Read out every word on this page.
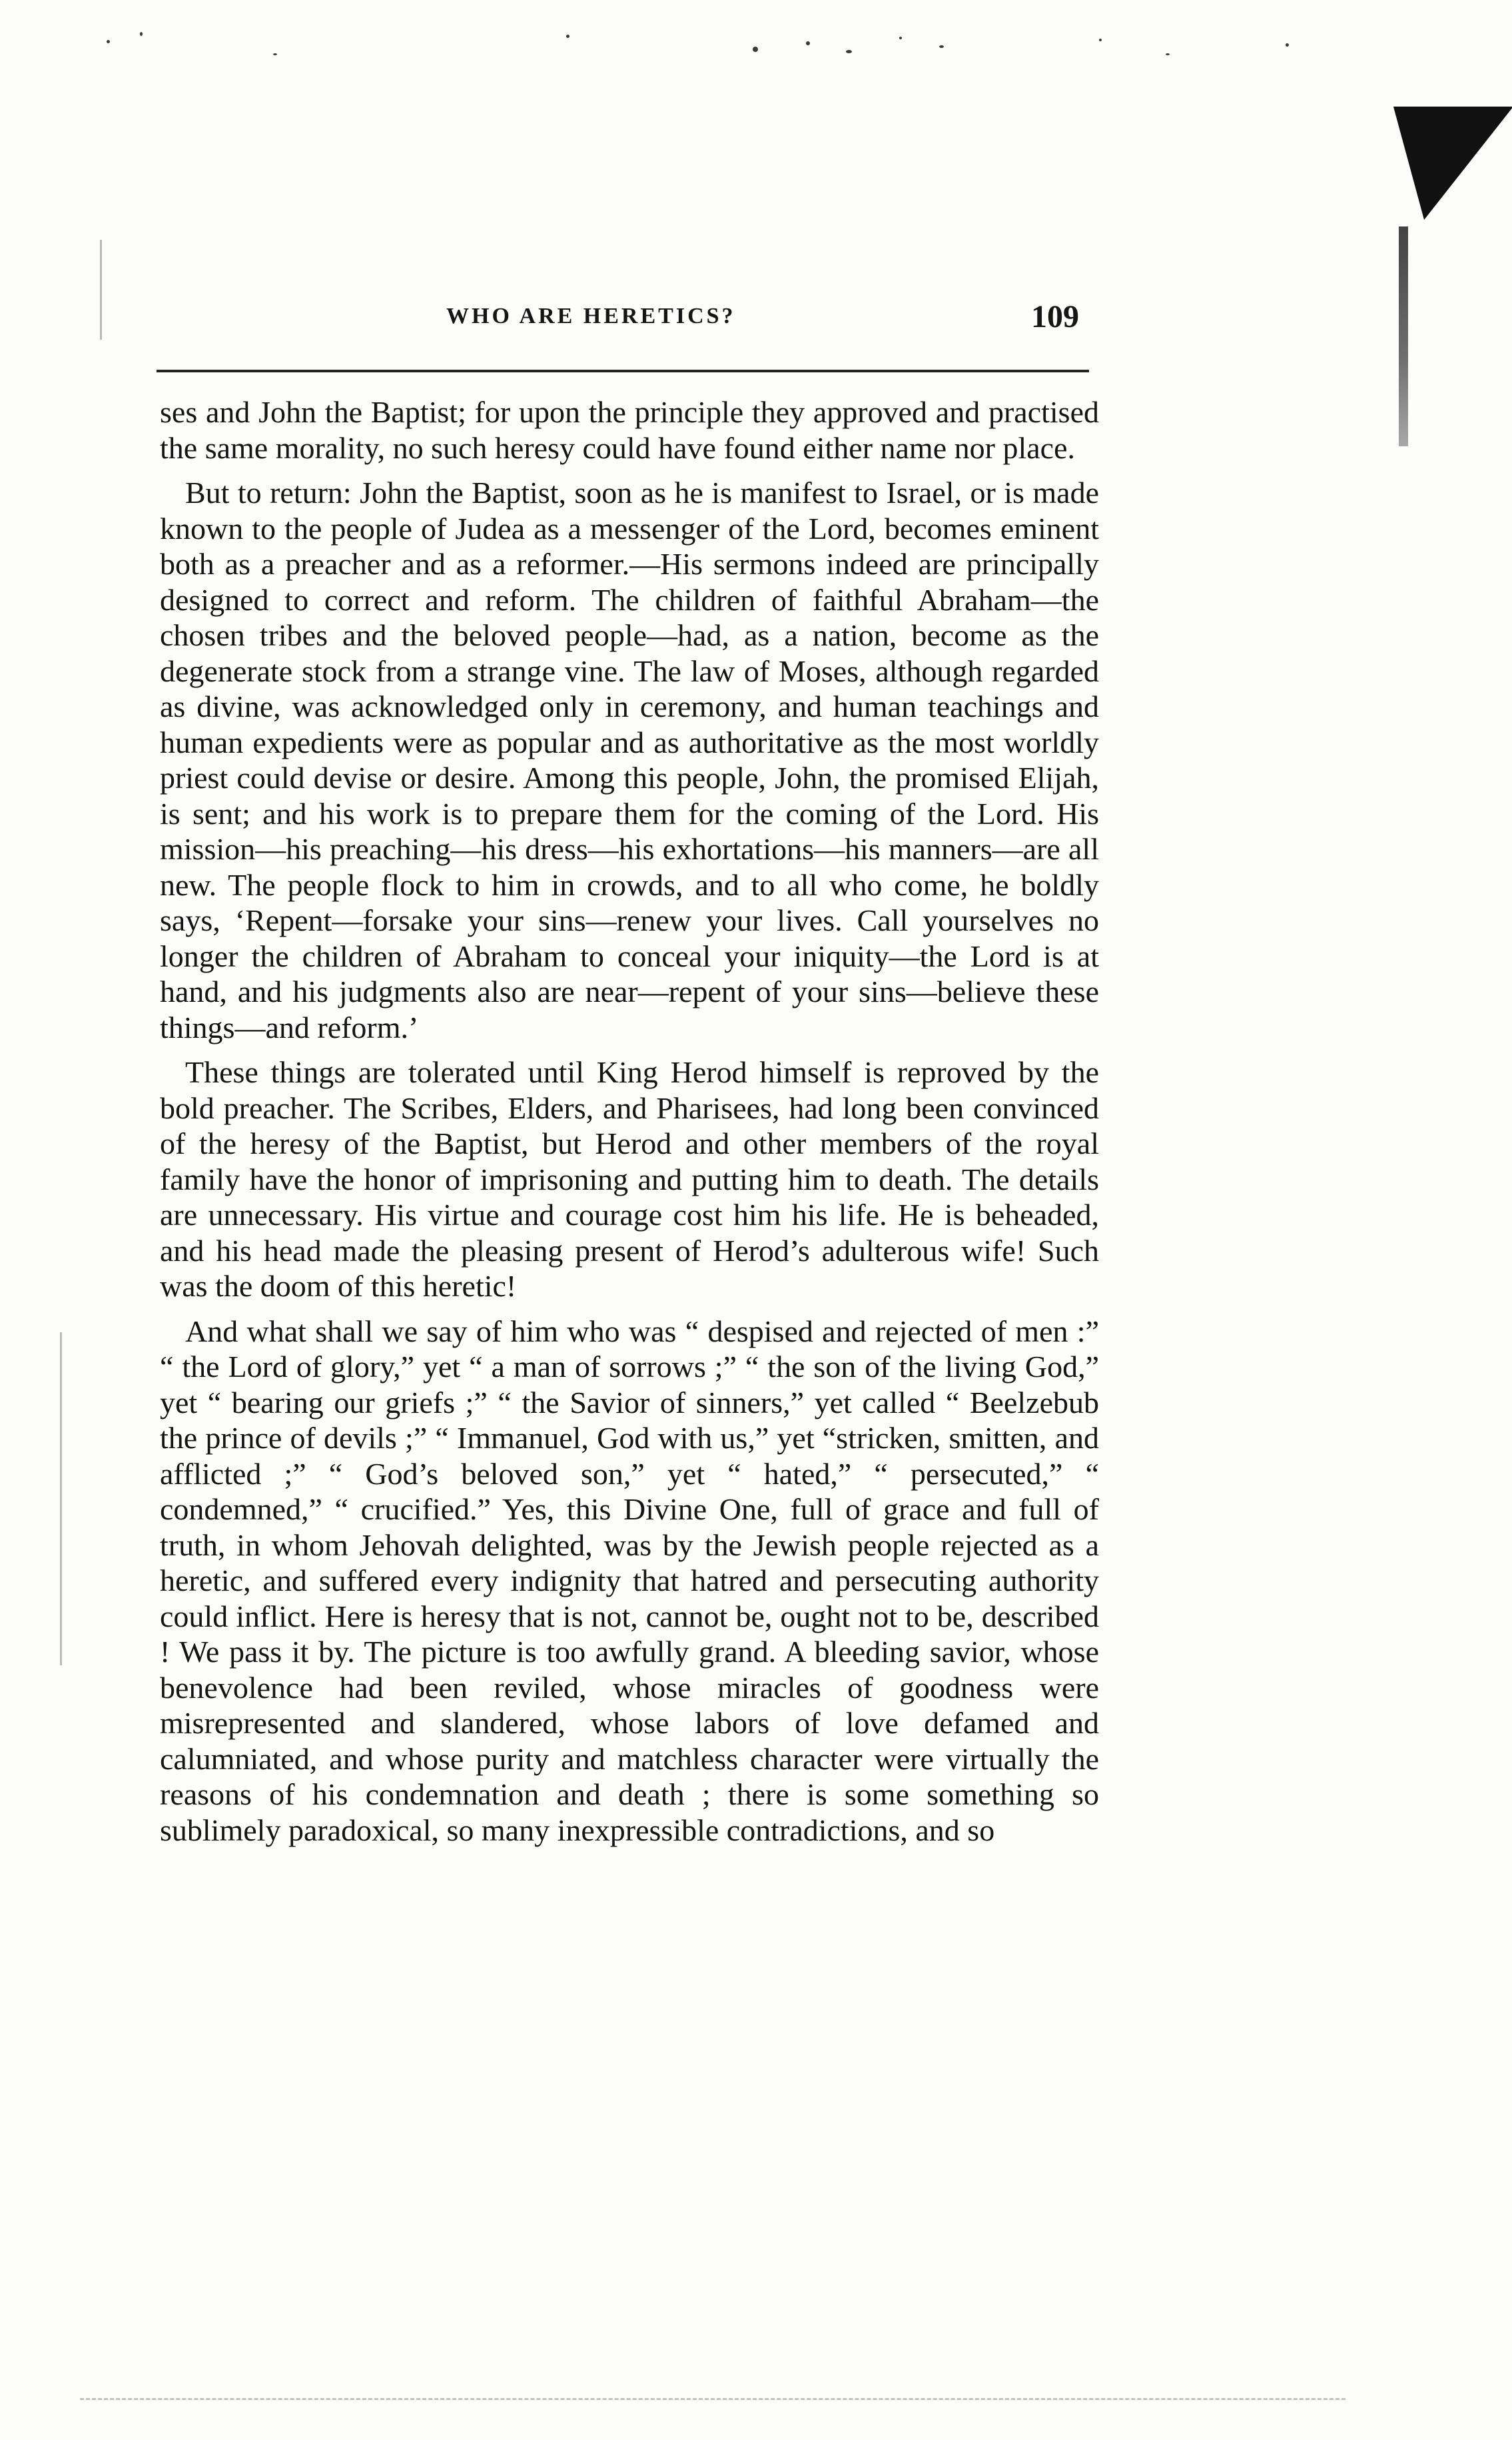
WHO ARE HERETICS?	109

ses and John the Baptist; for upon the principle they approved and practised the same morality, no such heresy could have found either name nor place.

But to return: John the Baptist, soon as he is manifest to Israel, or is made known to the people of Judea as a messenger of the Lord, becomes eminent both as a preacher and as a reformer.—His sermons indeed are principally designed to correct and reform. The children of faithful Abraham—the chosen tribes and the beloved people—had, as a nation, become as the degenerate stock from a strange vine. The law of Moses, although regarded as divine, was acknowledged only in ceremony, and human teachings and human expedients were as popular and as authoritative as the most worldly priest could devise or desire. Among this people, John, the promised Elijah, is sent; and his work is to prepare them for the coming of the Lord. His mission—his preaching—his dress—his exhortations—his manners—are all new. The people flock to him in crowds, and to all who come, he boldly says, ‘Repent—forsake your sins—renew your lives. Call yourselves no longer the children of Abraham to conceal your iniquity—the Lord is at hand, and his judgments also are near—repent of your sins—believe these things—and reform.’

These things are tolerated until King Herod himself is reproved by the bold preacher. The Scribes, Elders, and Pharisees, had long been convinced of the heresy of the Baptist, but Herod and other members of the royal family have the honor of imprisoning and putting him to death. The details are unnecessary. His virtue and courage cost him his life. He is beheaded, and his head made the pleasing present of Herod’s adulterous wife! Such was the doom of this heretic!

And what shall we say of him who was “ despised and rejected of men :” “ the Lord of glory,” yet “ a man of sorrows ;” “ the son of the living God,” yet “ bearing our griefs ;” “ the Savior of sinners,” yet called “ Beelzebub the prince of devils ;” “ Immanuel, God with us,” yet “stricken, smitten, and afflicted ;” “ God’s beloved son,” yet “ hated,” “ persecuted,” “ condemned,” “ crucified.” Yes, this Divine One, full of grace and full of truth, in whom Jehovah delighted, was by the Jewish people rejected as a heretic, and suffered every indignity that hatred and persecuting authority could inflict. Here is heresy that is not, cannot be, ought not to be, described ! We pass it by. The picture is too awfully grand. A bleeding savior, whose benevolence had been reviled, whose miracles of goodness were misrepresented and slandered, whose labors of love defamed and calumniated, and whose purity and matchless character were virtually the reasons of his condemnation and death ; there is some something so sublimely paradoxical, so many inexpressible contradictions, and so
